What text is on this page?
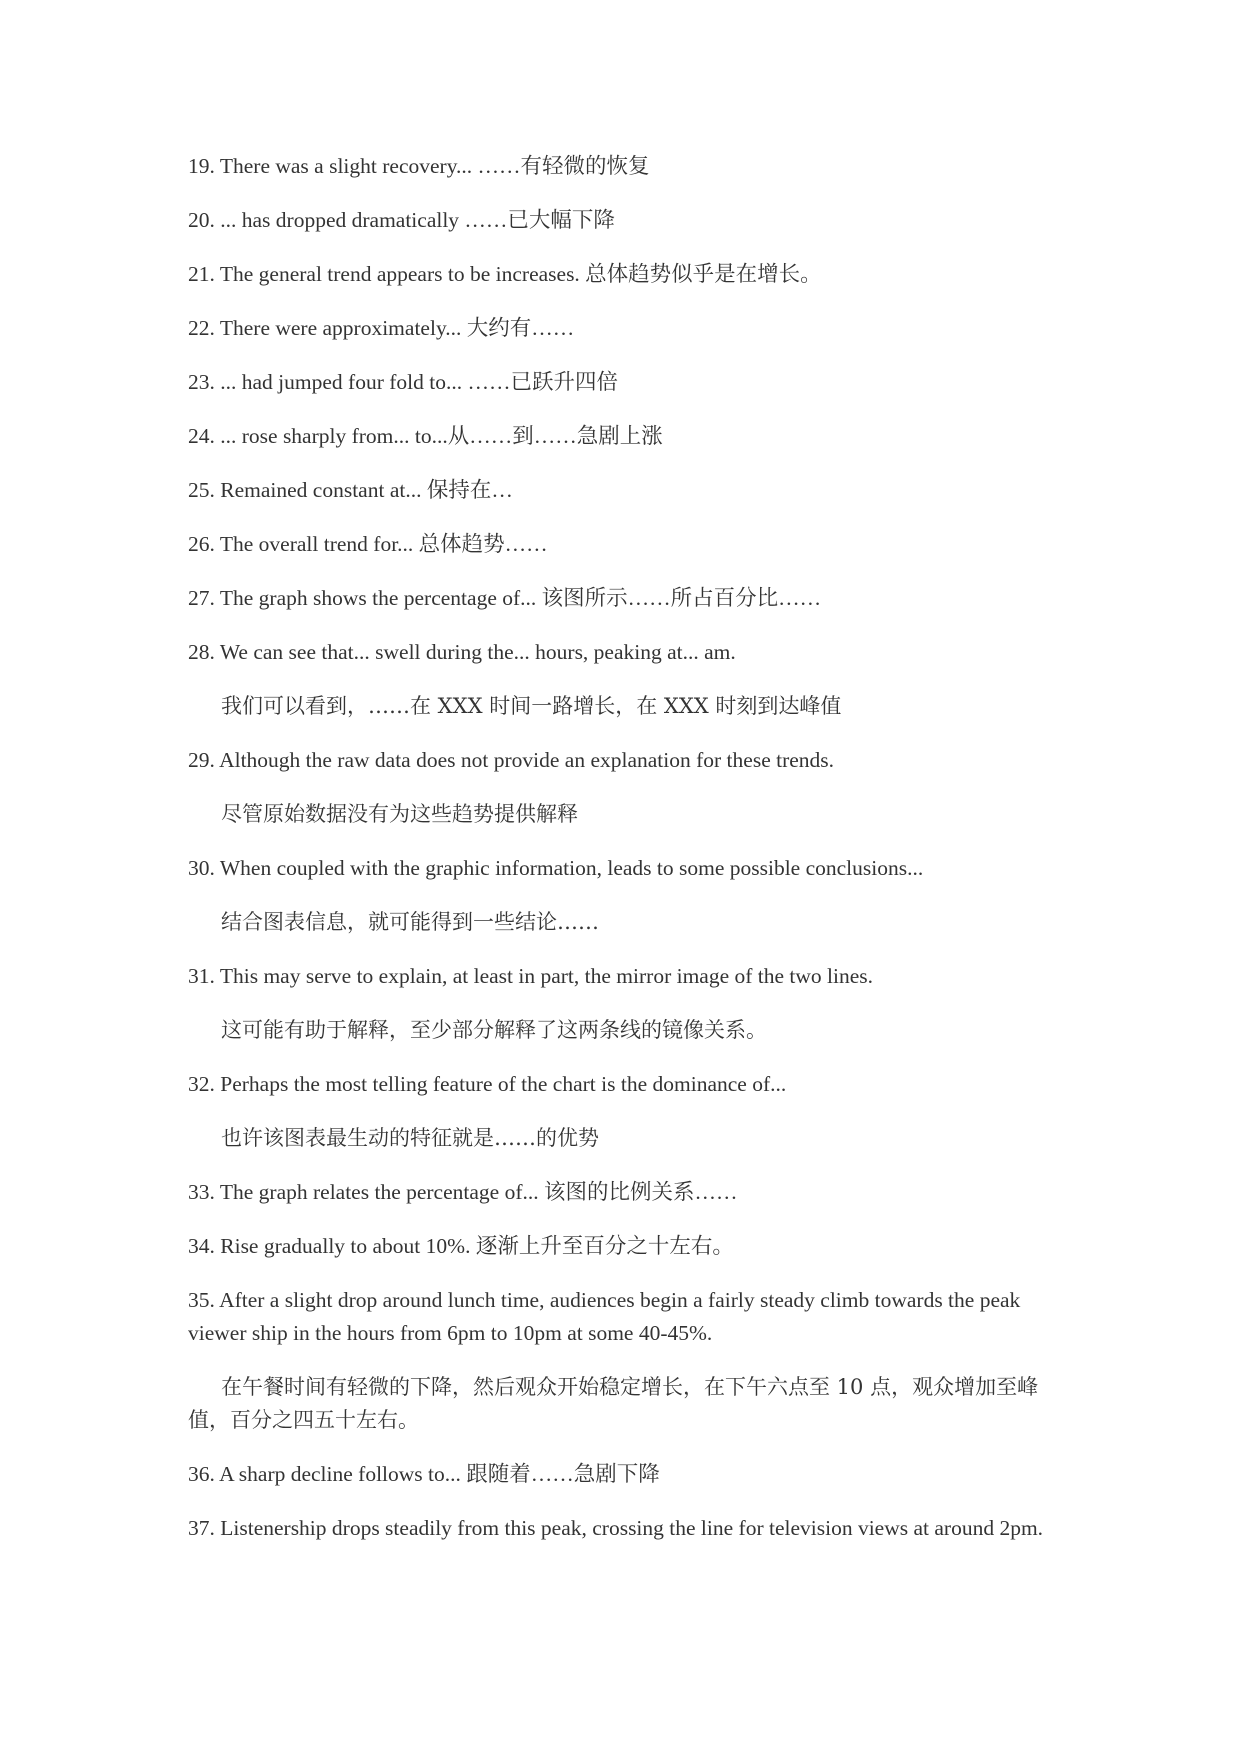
19. There was a slight recovery... ……有轻微的恢复

20. ... has dropped dramatically ……已大幅下降

21. The general trend appears to be increases. 总体趋势似乎是在增长。

22. There were approximately... 大约有……

23. ... had jumped four fold to... ……已跃升四倍

24. ... rose sharply from... to...从……到……急剧上涨

25. Remained constant at... 保持在…

26. The overall trend for... 总体趋势……

27. The graph shows the percentage of... 该图所示……所占百分比……

28. We can see that... swell during the... hours, peaking at... am.

我们可以看到，……在 XXX 时间一路增长，在 XXX 时刻到达峰值

29. Although the raw data does not provide an explanation for these trends.

尽管原始数据没有为这些趋势提供解释

30. When coupled with the graphic information, leads to some possible conclusions...

结合图表信息，就可能得到一些结论……

31. This may serve to explain, at least in part, the mirror image of the two lines.

这可能有助于解释，至少部分解释了这两条线的镜像关系。

32. Perhaps the most telling feature of the chart is the dominance of...

也许该图表最生动的特征就是……的优势

33. The graph relates the percentage of... 该图的比例关系……

34. Rise gradually to about 10%. 逐渐上升至百分之十左右。

35. After a slight drop around lunch time, audiences begin a fairly steady climb towards the peak viewer ship in the hours from 6pm to 10pm at some 40-45%.

在午餐时间有轻微的下降，然后观众开始稳定增长，在下午六点至 10 点，观众增加至峰值，百分之四五十左右。

36. A sharp decline follows to... 跟随着……急剧下降

37. Listenership drops steadily from this peak, crossing the line for television views at around 2pm.
